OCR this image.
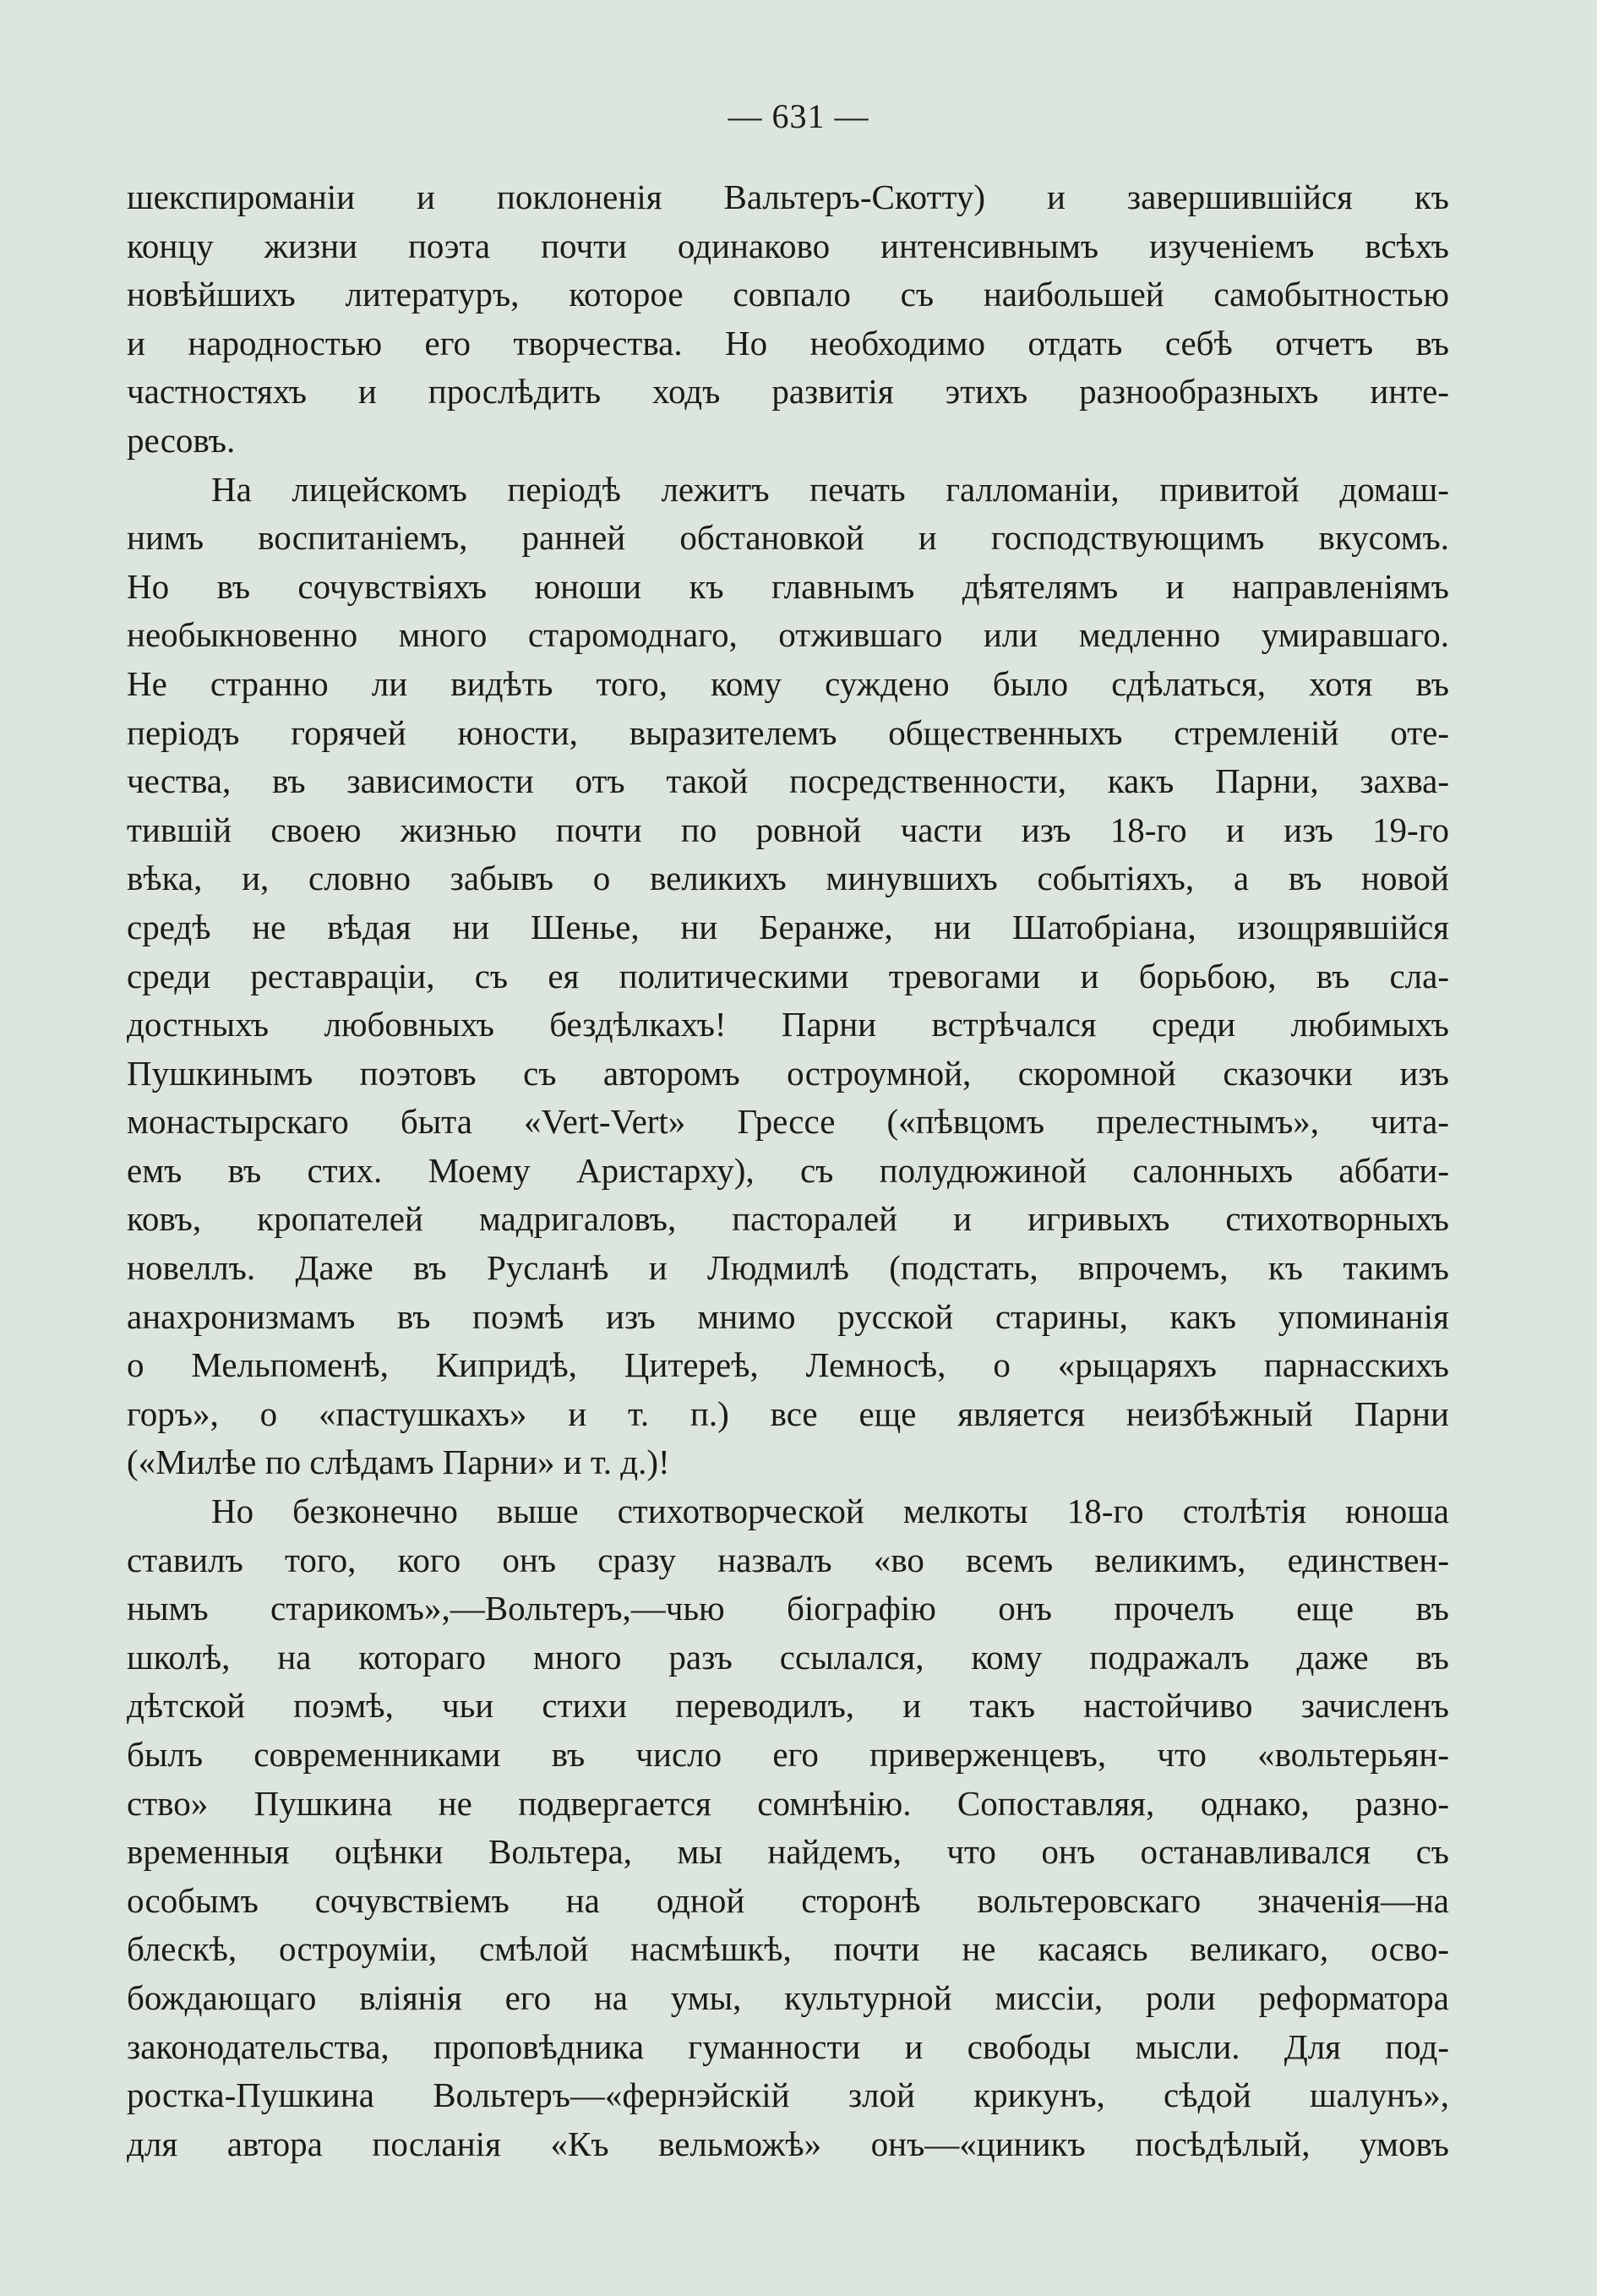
— 631 —
шекспироманіи и поклоненія Вальтеръ-Скотту) и завершившійся къ
концу жизни поэта почти одинаково интенсивнымъ изученіемъ всѣхъ
новѣйшихъ литературъ, которое совпало съ наибольшей самобытностью
и народностью его творчества. Но необходимо отдать себѣ отчетъ въ
частностяхъ и прослѣдить ходъ развитія этихъ разнообразныхъ инте-
ресовъ.
На лицейскомъ періодѣ лежитъ печать галломаніи, привитой домаш-
нимъ воспитаніемъ, ранней обстановкой и господствующимъ вкусомъ.
Но въ сочувствіяхъ юноши къ главнымъ дѣятелямъ и направленіямъ
необыкновенно много старомоднаго, отжившаго или медленно умиравшаго.
Не странно ли видѣть того, кому суждено было сдѣлаться, хотя въ
періодъ горячей юности, выразителемъ общественныхъ стремленій оте-
чества, въ зависимости отъ такой посредственности, какъ Парни, захва-
тившій своею жизнью почти по ровной части изъ 18-го и изъ 19-го
вѣка, и, словно забывъ о великихъ минувшихъ событіяхъ, а въ новой
средѣ не вѣдая ни Шенье, ни Беранже, ни Шатобріана, изощрявшійся
среди реставраціи, съ ея политическими тревогами и борьбою, въ сла-
достныхъ любовныхъ бездѣлкахъ! Парни встрѣчался среди любимыхъ
Пушкинымъ поэтовъ съ авторомъ остроумной, скоромной сказочки изъ
монастырскаго быта «Vert-Vert» Грессе («пѣвцомъ прелестнымъ», чита-
емъ въ стих. Моему Аристарху), съ полудюжиной салонныхъ аббати-
ковъ, кропателей мадригаловъ, пасторалей и игривыхъ стихотворныхъ
новеллъ. Даже въ Русланѣ и Людмилѣ (подстать, впрочемъ, къ такимъ
анахронизмамъ въ поэмѣ изъ мнимо русской старины, какъ упоминанія
о Мельпоменѣ, Кипридѣ, Цитереѣ, Лемносѣ, о «рыцаряхъ парнасскихъ
горъ», о «пастушкахъ» и т. п.) все еще является неизбѣжный Парни
(«Милѣе по слѣдамъ Парни» и т. д.)!
Но безконечно выше стихотворческой мелкоты 18-го столѣтія юноша
ставилъ того, кого онъ сразу назвалъ «во всемъ великимъ, единствен-
нымъ старикомъ»,—Вольтеръ,—чью біографію онъ прочелъ еще въ
школѣ, на котораго много разъ ссылался, кому подражалъ даже въ
дѣтской поэмѣ, чьи стихи переводилъ, и такъ настойчиво зачисленъ
былъ современниками въ число его приверженцевъ, что «вольтерьян-
ство» Пушкина не подвергается сомнѣнію. Сопоставляя, однако, разно-
временныя оцѣнки Вольтера, мы найдемъ, что онъ останавливался съ
особымъ сочувствіемъ на одной сторонѣ вольтеровскаго значенія—на
блескѣ, остроуміи, смѣлой насмѣшкѣ, почти не касаясь великаго, осво-
бождающаго вліянія его на умы, культурной миссіи, роли реформатора
законодательства, проповѣдника гуманности и свободы мысли. Для под-
ростка-Пушкина Вольтеръ—«фернэйскій злой крикунъ, сѣдой шалунъ»,
для автора посланія «Къ вельможѣ» онъ—«циникъ посѣдѣлый, умовъ
